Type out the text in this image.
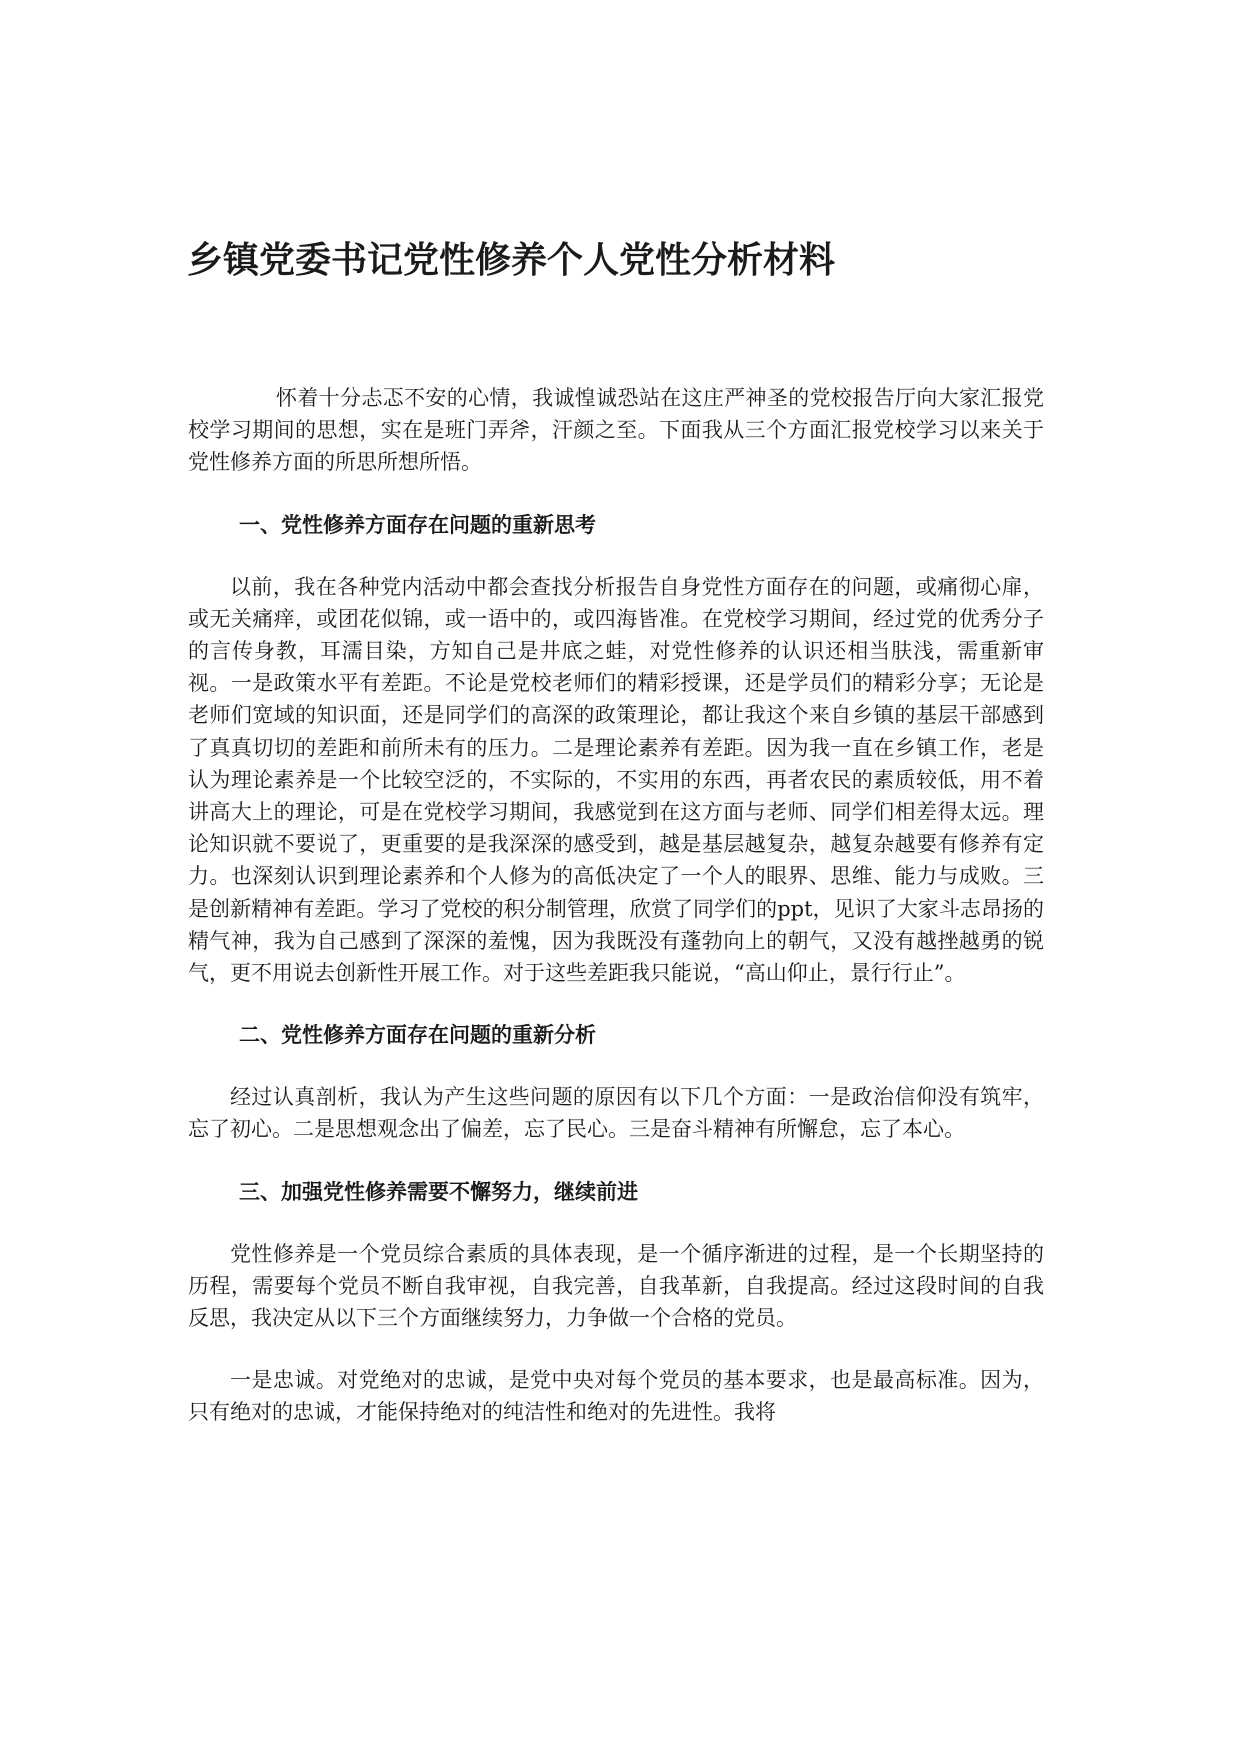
乡镇党委书记党性修养个人党性分析材料

怀着十分忐忑不安的心情，我诚惶诚恐站在这庄严神圣的党校报告厅向大家汇报党校学习期间的思想，实在是班门弄斧，汗颜之至。下面我从三个方面汇报党校学习以来关于党性修养方面的所思所想所悟。

一、党性修养方面存在问题的重新思考

以前，我在各种党内活动中都会查找分析报告自身党性方面存在的问题，或痛彻心扉，或无关痛痒，或团花似锦，或一语中的，或四海皆准。在党校学习期间，经过党的优秀分子的言传身教，耳濡目染，方知自己是井底之蛙，对党性修养的认识还相当肤浅，需重新审视。一是政策水平有差距。不论是党校老师们的精彩授课，还是学员们的精彩分享；无论是老师们宽域的知识面，还是同学们的高深的政策理论，都让我这个来自乡镇的基层干部感到了真真切切的差距和前所未有的压力。二是理论素养有差距。因为我一直在乡镇工作，老是认为理论素养是一个比较空泛的，不实际的，不实用的东西，再者农民的素质较低，用不着讲高大上的理论，可是在党校学习期间，我感觉到在这方面与老师、同学们相差得太远。理论知识就不要说了，更重要的是我深深的感受到，越是基层越复杂，越复杂越要有修养有定力。也深刻认识到理论素养和个人修为的高低决定了一个人的眼界、思维、能力与成败。三是创新精神有差距。学习了党校的积分制管理，欣赏了同学们的ppt，见识了大家斗志昂扬的精气神，我为自己感到了深深的羞愧，因为我既没有蓬勃向上的朝气，又没有越挫越勇的锐气，更不用说去创新性开展工作。对于这些差距我只能说，“高山仰止，景行行止”。

二、党性修养方面存在问题的重新分析

经过认真剖析，我认为产生这些问题的原因有以下几个方面：一是政治信仰没有筑牢，忘了初心。二是思想观念出了偏差，忘了民心。三是奋斗精神有所懈怠，忘了本心。

三、加强党性修养需要不懈努力，继续前进

党性修养是一个党员综合素质的具体表现，是一个循序渐进的过程，是一个长期坚持的历程，需要每个党员不断自我审视，自我完善，自我革新，自我提高。经过这段时间的自我反思，我决定从以下三个方面继续努力，力争做一个合格的党员。

一是忠诚。对党绝对的忠诚，是党中央对每个党员的基本要求，也是最高标准。因为，只有绝对的忠诚，才能保持绝对的纯洁性和绝对的先进性。我将
